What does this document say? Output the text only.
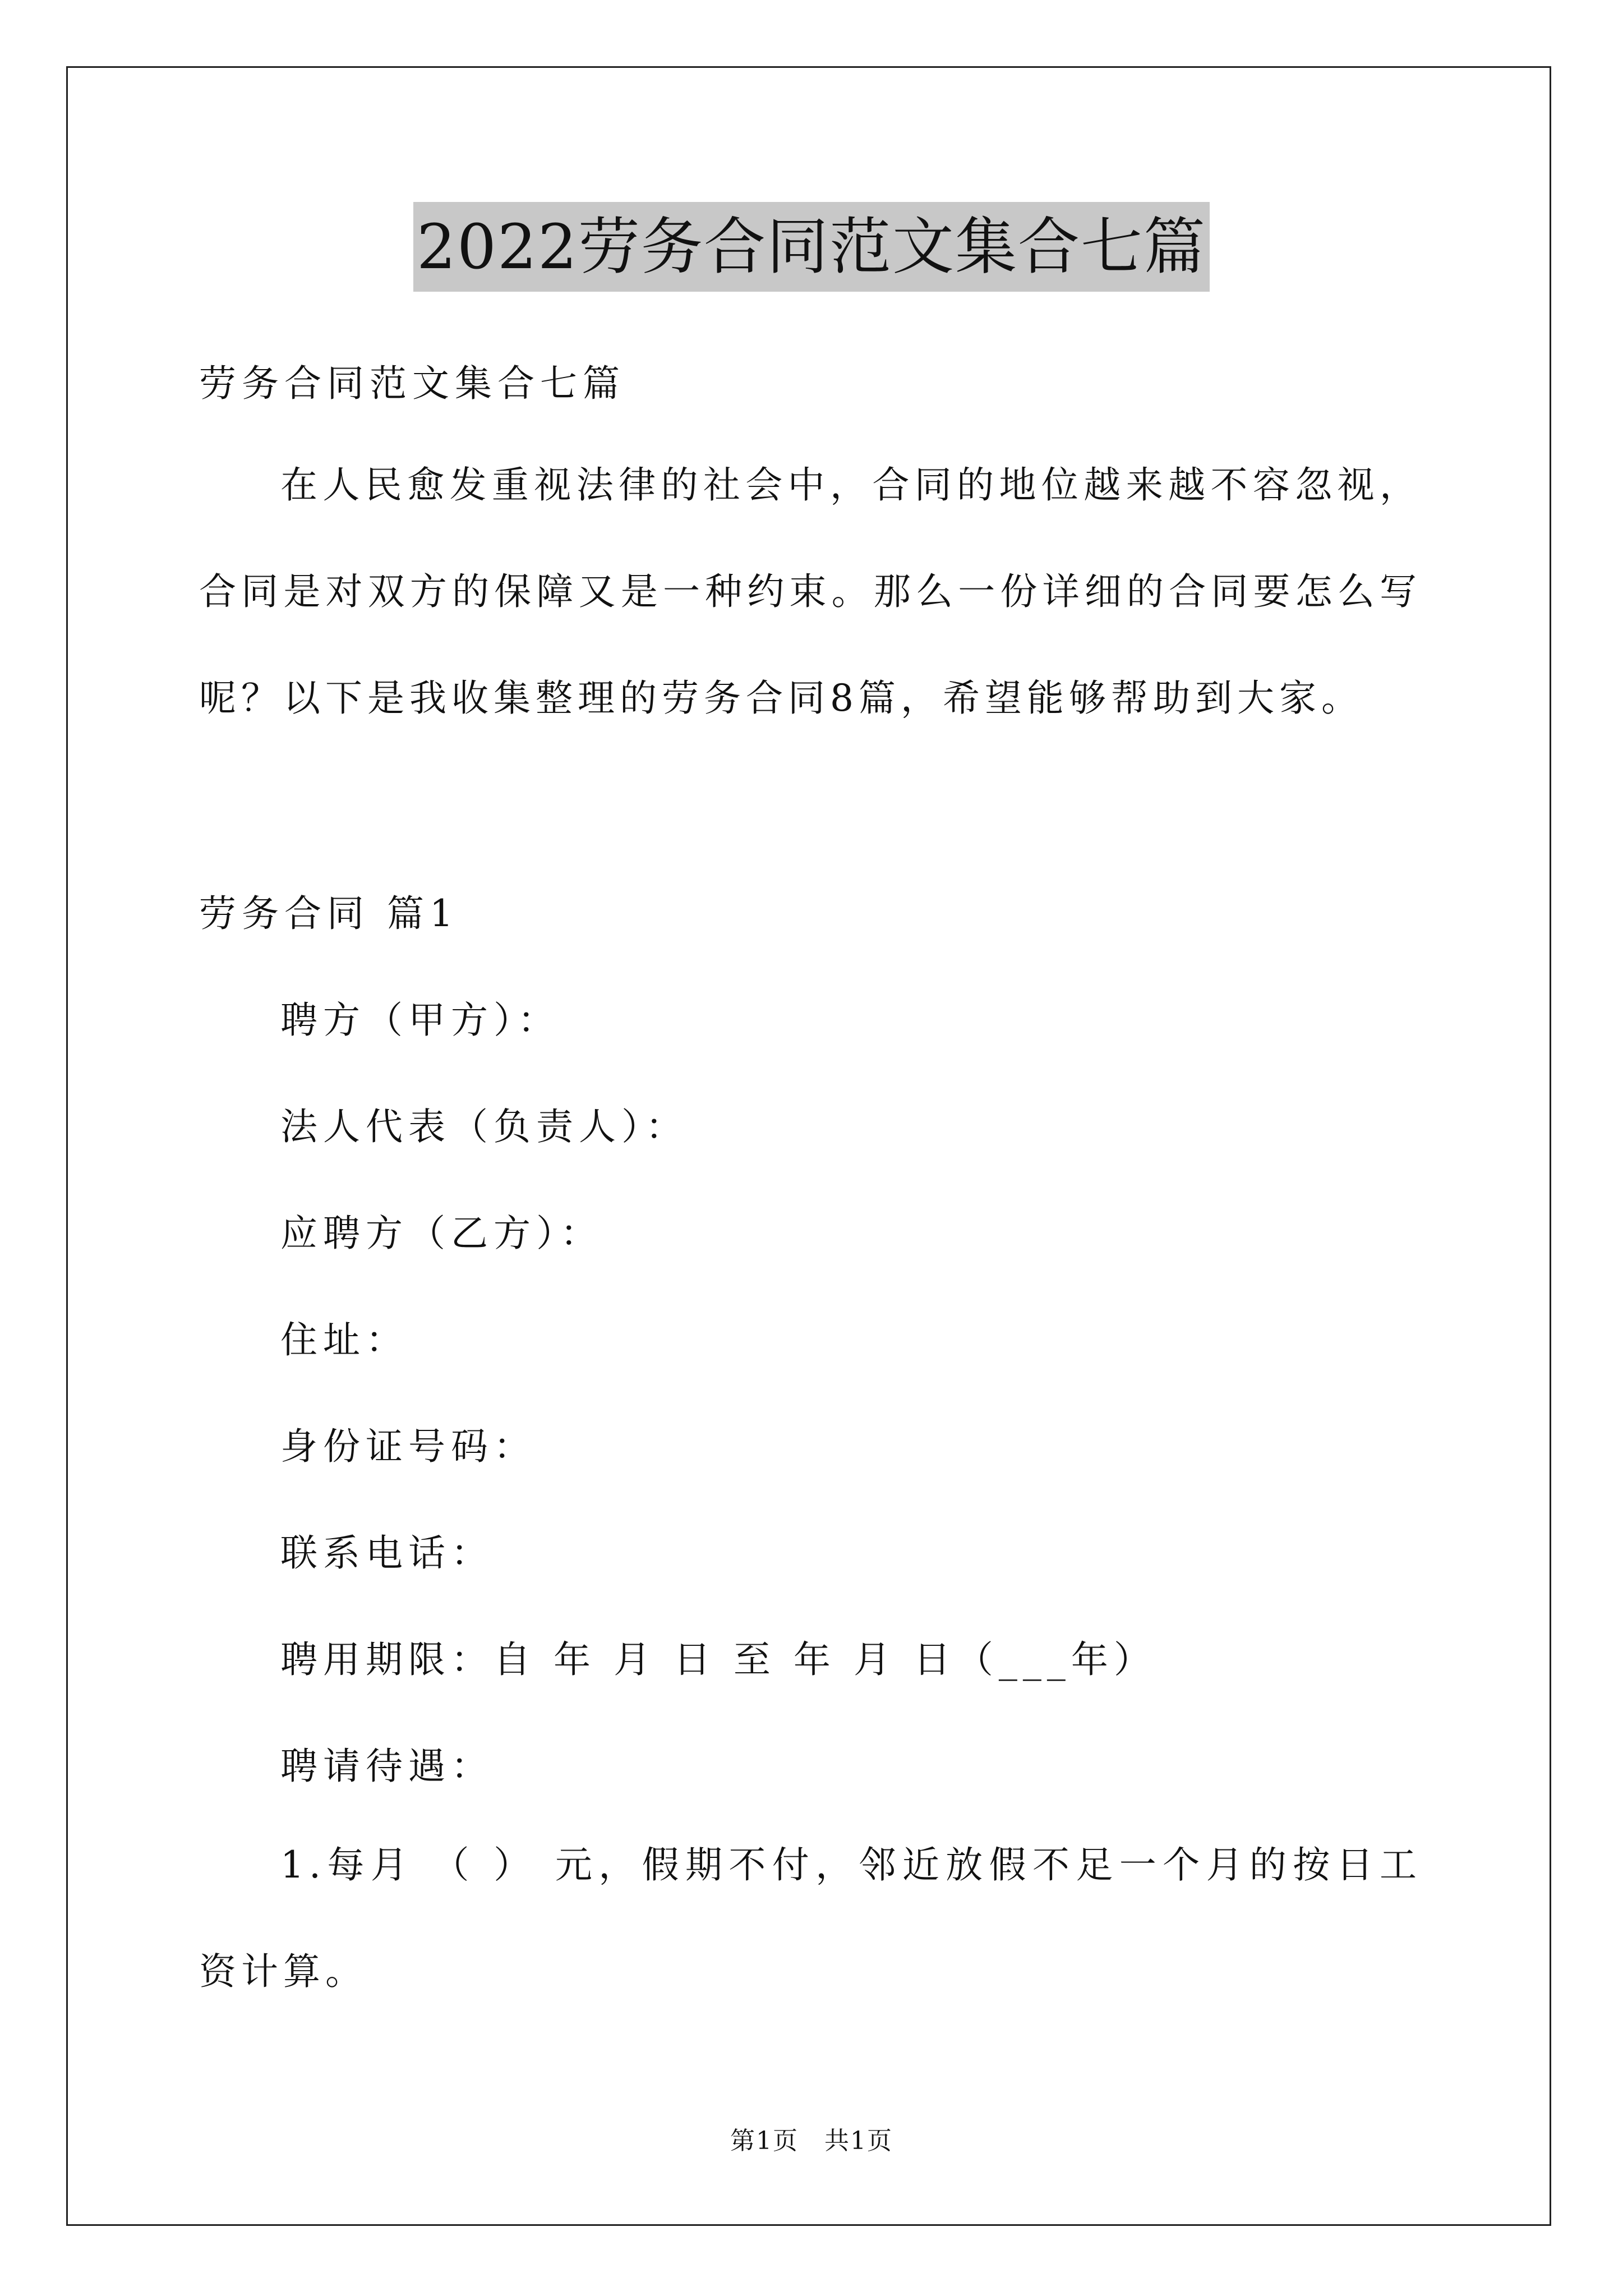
2022劳务合同范文集合七篇
劳务合同范文集合七篇
在人民愈发重视法律的社会中，合同的地位越来越不容忽视，合同是对双方的保障又是一种约束。那么一份详细的合同要怎么写呢？以下是我收集整理的劳务合同8篇，希望能够帮助到大家。
劳务合同 篇1
聘方（甲方）：
法人代表（负责人）：
应聘方（乙方）：
住址：
身份证号码：
联系电话：
聘用期限：自 年 月 日 至 年 月 日（___年）
聘请待遇：
1.每月 （ ） 元，假期不付，邻近放假不足一个月的按日工资计算。
第1页　共1页
